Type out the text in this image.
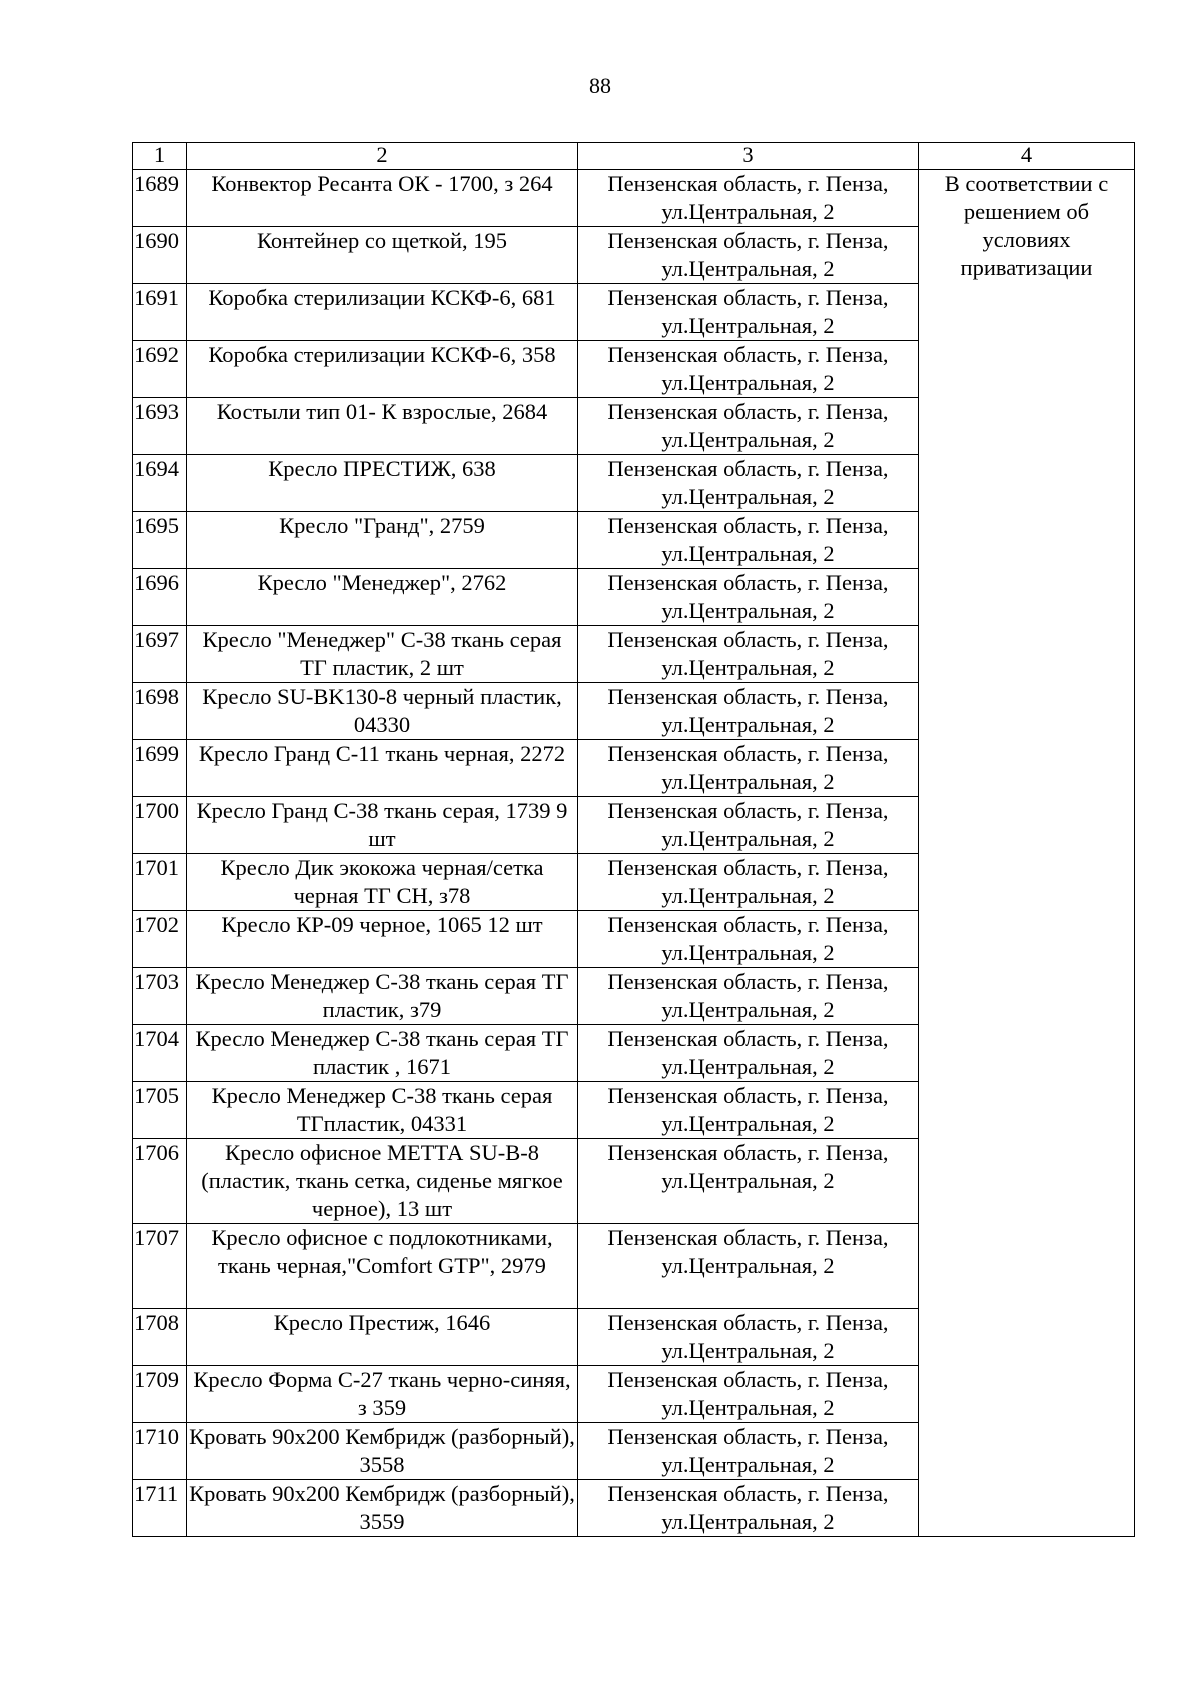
88
1	2	3	4
1689	Конвектор Ресанта ОК - 1700, з 264	Пензенская область, г. Пенза, ул.Центральная, 2	В соответствии с решением об условиях приватизации
1690	Контейнер со щеткой, 195	Пензенская область, г. Пенза, ул.Центральная, 2	
1691	Коробка стерилизации КСКФ-6, 681	Пензенская область, г. Пенза, ул.Центральная, 2	
1692	Коробка стерилизации КСКФ-6, 358	Пензенская область, г. Пенза, ул.Центральная, 2	
1693	Костыли тип 01- К взрослые, 2684	Пензенская область, г. Пенза, ул.Центральная, 2	
1694	Кресло ПРЕСТИЖ, 638	Пензенская область, г. Пенза, ул.Центральная, 2	
1695	Кресло "Гранд", 2759	Пензенская область, г. Пенза, ул.Центральная, 2	
1696	Кресло "Менеджер", 2762	Пензенская область, г. Пенза, ул.Центральная, 2	
1697	Кресло "Менеджер" С-38 ткань серая ТГ пластик, 2 шт	Пензенская область, г. Пенза, ул.Центральная, 2	
1698	Кресло SU-BK130-8 черный пластик, 04330	Пензенская область, г. Пенза, ул.Центральная, 2	
1699	Кресло Гранд С-11 ткань черная, 2272	Пензенская область, г. Пенза, ул.Центральная, 2	
1700	Кресло Гранд С-38 ткань серая, 1739 9 шт	Пензенская область, г. Пенза, ул.Центральная, 2	
1701	Кресло Дик экокожа черная/сетка черная ТГ СН, з78	Пензенская область, г. Пенза, ул.Центральная, 2	
1702	Кресло КР-09 черное, 1065 12 шт	Пензенская область, г. Пенза, ул.Центральная, 2	
1703	Кресло Менеджер С-38 ткань серая ТГ пластик, з79	Пензенская область, г. Пенза, ул.Центральная, 2	
1704	Кресло Менеджер С-38 ткань серая ТГ пластик , 1671	Пензенская область, г. Пенза, ул.Центральная, 2	
1705	Кресло Менеджер С-38 ткань серая ТГпластик, 04331	Пензенская область, г. Пенза, ул.Центральная, 2	
1706	Кресло офисное МЕТТА SU-B-8 (пластик, ткань сетка, сиденье мягкое черное), 13 шт	Пензенская область, г. Пенза, ул.Центральная, 2	
1707	Кресло офисное с подлокотниками, ткань черная,"Comfort GTP", 2979	Пензенская область, г. Пенза, ул.Центральная, 2	
1708	Кресло Престиж, 1646	Пензенская область, г. Пенза, ул.Центральная, 2	
1709	Кресло Форма С-27 ткань черно-синяя, з 359	Пензенская область, г. Пенза, ул.Центральная, 2	
1710	Кровать 90х200 Кембридж (разборный), 3558	Пензенская область, г. Пенза, ул.Центральная, 2	
1711	Кровать 90х200 Кембридж (разборный), 3559	Пензенская область, г. Пенза, ул.Центральная, 2	
